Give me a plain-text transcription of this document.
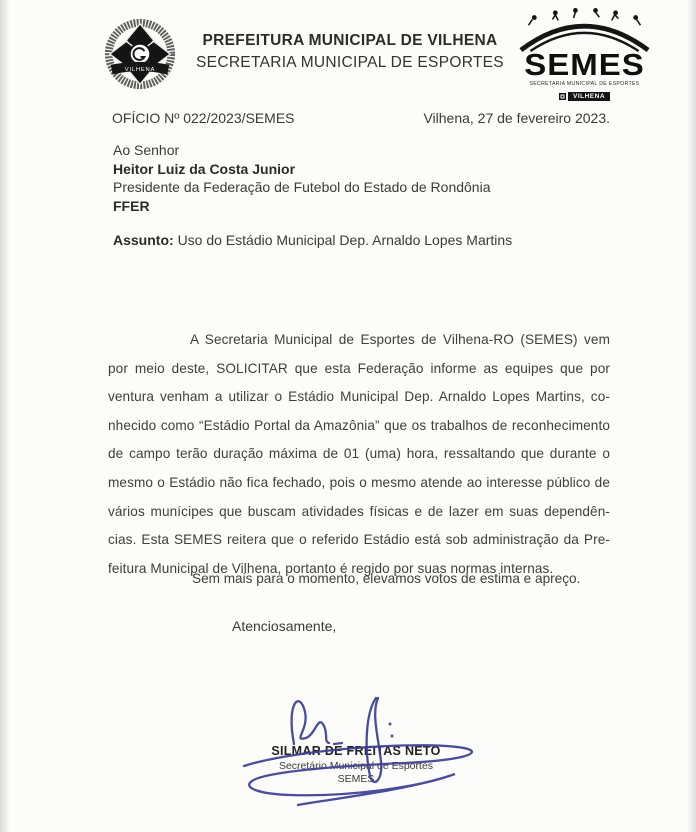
VILHENA
PREFEITURA MUNICIPAL DE VILHENA
SECRETARIA MUNICIPAL DE ESPORTES SEMES
SECRETARIA MUNICIPAL DE ESPORTES
VILHENA
OFÍCIO Nº 022/2023/SEMES	Vilhena, 27 de fevereiro 2023.
Ao Senhor
Heitor Luiz da Costa Junior
Presidente da Federação de Futebol do Estado de Rondônia
FFER
Assunto: Uso do Estádio Municipal Dep. Arnaldo Lopes Martins
A Secretaria Municipal de Esportes de Vilhena-RO (SEMES) vem
por meio deste, SOLICITAR que esta Federação informe as equipes que por
ventura venham a utilizar o Estádio Municipal Dep. Arnaldo Lopes Martins, co-
nhecido como “Estádio Portal da Amazônia” que os trabalhos de reconhecimento
de campo terão duração máxima de 01 (uma) hora, ressaltando que durante o
mesmo o Estádio não fica fechado, pois o mesmo atende ao interesse público de
vários munícipes que buscam atividades físicas e de lazer em suas dependên-
cias. Esta SEMES reitera que o referido Estádio está sob administração da Pre-
feitura Municipal de Vilhena, portanto é regido por suas normas internas.
Sem mais para o momento, elevamos votos de estima e apreço.
Atenciosamente,
SILMAR DE FREITAS NETO
Secretário Municipal de Esportes
SEMES
